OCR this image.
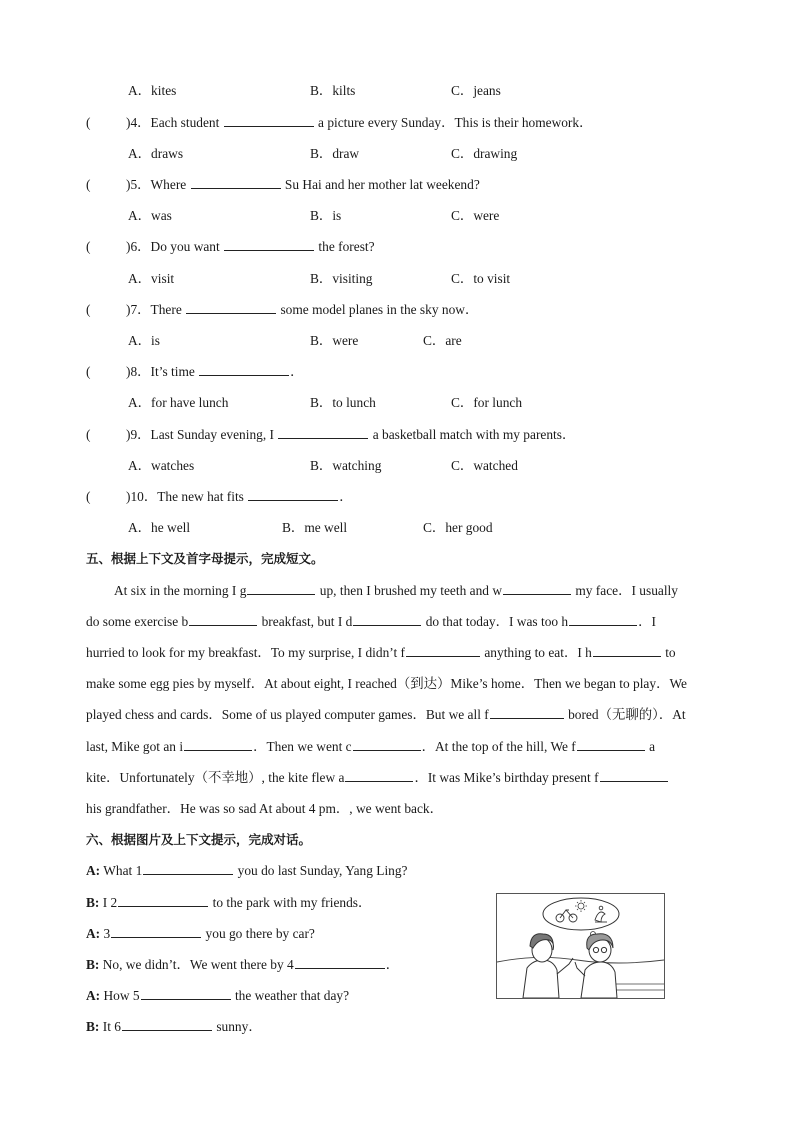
A．kites	B．kilts	C．jeans
(	)4．Each student	a picture every Sunday．This is their homework．
A．draws	B．draw	C．drawing
(	)5．Where	Su Hai and her mother lat weekend?
A．was	B．is	C．were
(	)6．Do you want	the forest?
A．visit	B．visiting	C．to visit
(	)7．There	some model planes in the sky now．
A．is	B．were	C．are
(	)8．It’s time	．
A．for have lunch	B．to lunch	C．for lunch
(	)9．Last Sunday evening, I	a basketball match with my parents．
A．watches	B．watching	C．watched
(	)10．The new hat fits	．
A．he well	B．me well	C．her good
五、根据上下文及首字母提示，完成短文。
At six in the morning I g	up, then I brushed my teeth and w	my face．I usually
do some exercise b	breakfast, but I d	do that today．I was too h	．I
hurried to look for my breakfast．To my surprise, I didn’t f	anything to eat．I h	to
make some egg pies by myself．At about eight, I reached（到达）Mike’s home．Then we began to play．We
played chess and cards．Some of us played computer games．But we all f	bored（无聊的）．At
last, Mike got an i	．Then we went c	．At the top of the hill, We f	a
kite．Unfortunately（不幸地）, the kite flew a	．It was Mike’s birthday present f
his grandfather．He was so sad At about 4 pm．, we went back．
六、根据图片及上下文提示，完成对话。
A: What 1	you do last Sunday, Yang Ling?
B: I 2	to the park with my friends．
A: 3	you go there by car?
B: No, we didn’t．We went there by 4	．
A: How 5	the weather that day?
B: It 6	sunny．
